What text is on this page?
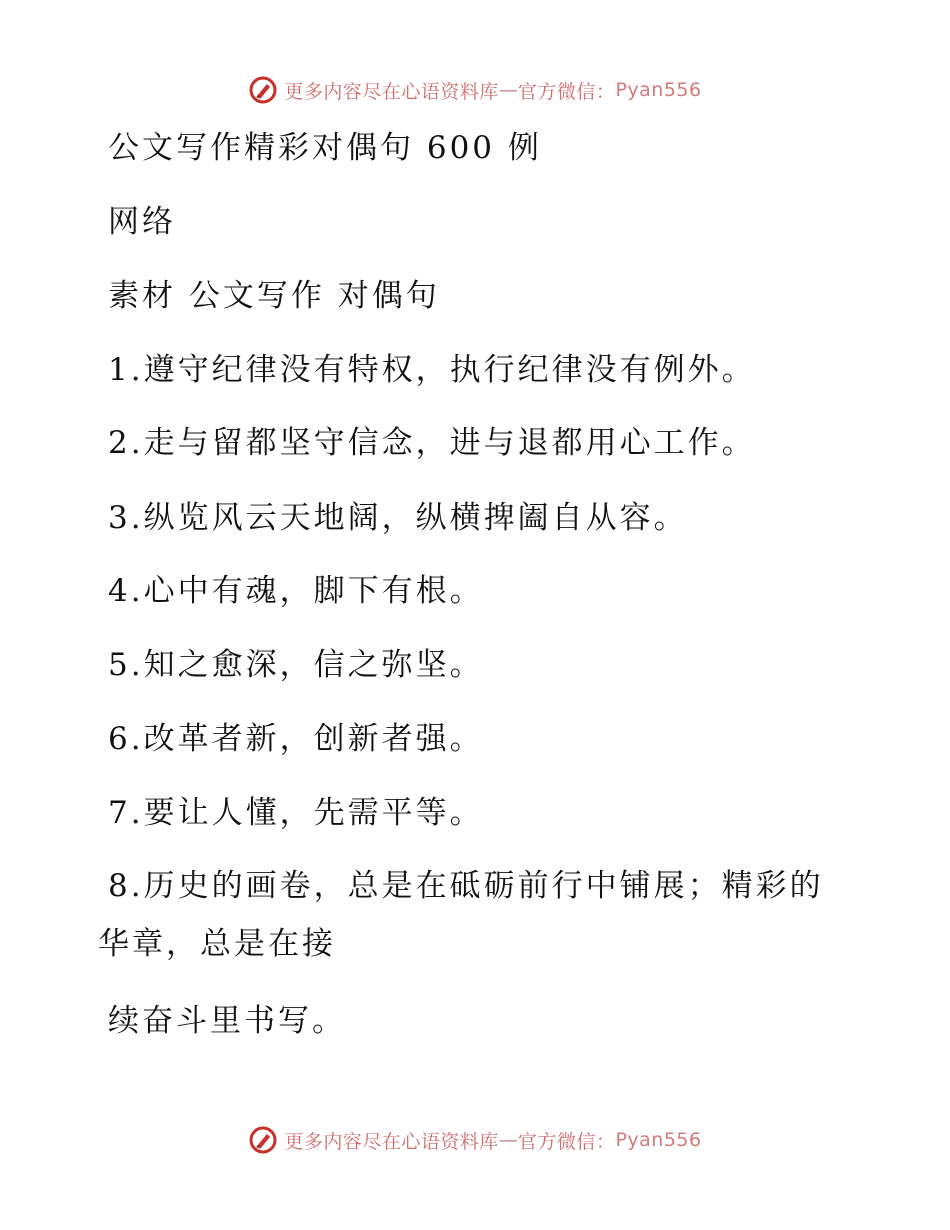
更多内容尽在心语资料库 — 官方微信： Pyan556
公文写作精彩对偶句 600 例
网络
素材 公文写作 对偶句
1.遵守纪律没有特权，执行纪律没有例外。
2.走与留都坚守信念，进与退都用心工作。
3.纵览风云天地阔，纵横捭阖自从容。
4.心中有魂，脚下有根。
5.知之愈深，信之弥坚。
6.改革者新，创新者强。
7.要让人懂，先需平等。
8.历史的画卷，总是在砥砺前行中铺展；精彩的
华章，总是在接
续奋斗里书写。
更多内容尽在心语资料库 — 官方微信： Pyan556
